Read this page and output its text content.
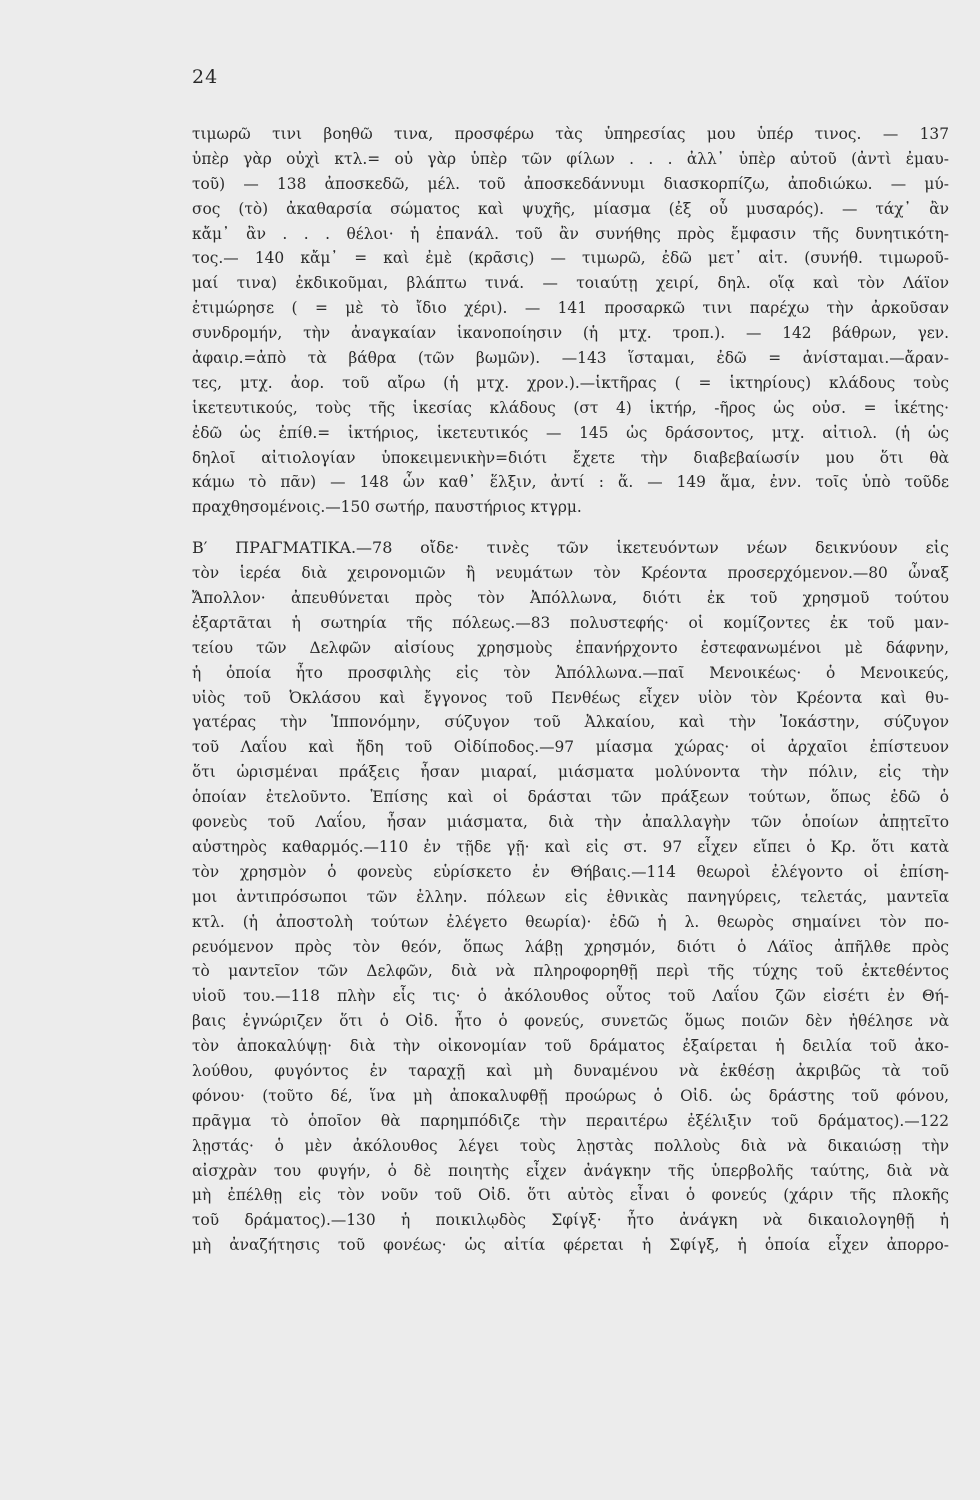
24
τιμωρῶ τινι βοηθῶ τινα, προσφέρω τὰς ὑπηρεσίας μου ὑπέρ τινος. — 137
ὑπὲρ γὰρ οὐχὶ κτλ.= οὐ γὰρ ὑπὲρ τῶν φίλων . . . ἀλλ᾿ ὑπὲρ αὐτοῦ (ἀντὶ ἐμαυ-
τοῦ) — 138 ἀποσκεδῶ, μέλ. τοῦ ἀποσκεδάννυμι διασκορπίζω, ἀποδιώκω. — μύ-
σος (τὸ) ἀκαθαρσία σώματος καὶ ψυχῆς, μίασμα (ἐξ οὗ μυσαρός). — τάχ᾿ ἂν
κἄμ᾿ ἂν . . . θέλοι· ἡ ἐπανάλ. τοῦ ἂν συνήθης πρὸς ἔμφασιν τῆς δυνητικότη-
τος.— 140 κἄμ᾿ = καὶ ἐμὲ (κρᾶσις) — τιμωρῶ, ἐδῶ μετ᾿ αἰτ. (συνήθ. τιμωροῦ-
μαί τινα) ἐκδικοῦμαι, βλάπτω τινά. — τοιαύτῃ χειρί, δηλ. οἵᾳ καὶ τὸν Λάϊον
ἐτιμώρησε ( = μὲ τὸ ἴδιο χέρι). — 141 προσαρκῶ τινι παρέχω τὴν ἀρκοῦσαν
συνδρομήν, τὴν ἀναγκαίαν ἱκανοποίησιν (ἡ μτχ. τροπ.). — 142 βάθρων, γεν.
ἀφαιρ.=ἀπὸ τὰ βάθρα (τῶν βωμῶν). —143 ἵσταμαι, ἐδῶ = ἀνίσταμαι.—ἄραν-
τες, μτχ. ἀορ. τοῦ αἴρω (ἡ μτχ. χρον.).—ἱκτῆρας ( = ἱκτηρίους) κλάδους τοὺς
ἱκετευτικούς, τοὺς τῆς ἱκεσίας κλάδους (στ 4) ἱκτήρ, -ῆρος ὡς οὐσ. = ἱκέτης·
ἐδῶ ὡς ἐπίθ.= ἱκτήριος, ἱκετευτικός — 145 ὡς δράσοντος, μτχ. αἰτιολ. (ἡ ὡς
δηλοῖ αἰτιολογίαν ὑποκειμενικὴν=διότι ἔχετε τὴν διαβεβαίωσίν μου ὅτι θὰ
κάμω τὸ πᾶν) — 148 ὧν καθ᾿ ἕλξιν, ἀντί : ἅ. — 149 ἅμα, ἐνν. τοῖς ὑπὸ τοῦδε
πραχθησομένοις.—150 σωτήρ, παυστήριος κτγρμ.
Β′ ΠΡΑΓΜΑΤΙΚΑ.—78 οἴδε· τινὲς τῶν ἱκετευόντων νέων δεικνύουν εἰς
τὸν ἱερέα διὰ χειρονομιῶν ἢ νευμάτων τὸν Κρέοντα προσερχόμενον.—80 ὦναξ
Ἄπολλον· ἀπευθύνεται πρὸς τὸν Ἀπόλλωνα, διότι ἐκ τοῦ χρησμοῦ τούτου
ἐξαρτᾶται ἡ σωτηρία τῆς πόλεως.—83 πολυστεφής· οἱ κομίζοντες ἐκ τοῦ μαν-
τείου τῶν Δελφῶν αἰσίους χρησμοὺς ἐπανήρχοντο ἐστεφανωμένοι μὲ δάφνην,
ἡ ὁποία ἦτο προσφιλὴς εἰς τὸν Ἀπόλλωνα.—παῖ Μενοικέως· ὁ Μενοικεύς,
υἱὸς τοῦ Ὀκλάσου καὶ ἔγγονος τοῦ Πενθέως εἶχεν υἱὸν τὸν Κρέοντα καὶ θυ-
γατέρας τὴν Ἱππονόμην, σύζυγον τοῦ Ἀλκαίου, καὶ τὴν Ἰοκάστην, σύζυγον
τοῦ Λαΐου καὶ ἤδη τοῦ Οἰδίποδος.—97 μίασμα χώρας· οἱ ἀρχαῖοι ἐπίστευον
ὅτι ὡρισμέναι πράξεις ἦσαν μιαραί, μιάσματα μολύνοντα τὴν πόλιν, εἰς τὴν
ὁποίαν ἐτελοῦντο. Ἐπίσης καὶ οἱ δράσται τῶν πράξεων τούτων, ὅπως ἐδῶ ὁ
φονεὺς τοῦ Λαΐου, ἦσαν μιάσματα, διὰ τὴν ἀπαλλαγὴν τῶν ὁποίων ἀπῃτεῖτο
αὐστηρὸς καθαρμός.—110 ἐν τῇδε γῇ· καὶ εἰς στ. 97 εἶχεν εἴπει ὁ Κρ. ὅτι κατὰ
τὸν χρησμὸν ὁ φονεὺς εὑρίσκετο ἐν Θήβαις.—114 θεωροὶ ἐλέγοντο οἱ ἐπίση-
μοι ἀντιπρόσωποι τῶν ἑλλην. πόλεων εἰς ἐθνικὰς πανηγύρεις, τελετάς, μαντεῖα
κτλ. (ἡ ἀποστολὴ τούτων ἐλέγετο θεωρία)· ἐδῶ ἡ λ. θεωρὸς σημαίνει τὸν πο-
ρευόμενον πρὸς τὸν θεόν, ὅπως λάβῃ χρησμόν, διότι ὁ Λάϊος ἀπῆλθε πρὸς
τὸ μαντεῖον τῶν Δελφῶν, διὰ νὰ πληροφορηθῇ περὶ τῆς τύχης τοῦ ἐκτεθέντος
υἱοῦ του.—118 πλὴν εἷς τις· ὁ ἀκόλουθος οὗτος τοῦ Λαΐου ζῶν εἰσέτι ἐν Θή-
βαις ἐγνώριζεν ὅτι ὁ Οἰδ. ἦτο ὁ φονεύς, συνετῶς ὅμως ποιῶν δὲν ἠθέλησε νὰ
τὸν ἀποκαλύψῃ· διὰ τὴν οἰκονομίαν τοῦ δράματος ἐξαίρεται ἡ δειλία τοῦ ἀκο-
λούθου, φυγόντος ἐν ταραχῇ καὶ μὴ δυναμένου νὰ ἐκθέσῃ ἀκριβῶς τὰ τοῦ
φόνου· (τοῦτο δέ, ἵνα μὴ ἀποκαλυφθῇ προώρως ὁ Οἰδ. ὡς δράστης τοῦ φόνου,
πρᾶγμα τὸ ὁποῖον θὰ παρημπόδιζε τὴν περαιτέρω ἐξέλιξιν τοῦ δράματος).—122
λῃστάς· ὁ μὲν ἀκόλουθος λέγει τοὺς λῃστὰς πολλοὺς διὰ νὰ δικαιώσῃ τὴν
αἰσχρὰν του φυγήν, ὁ δὲ ποιητὴς εἶχεν ἀνάγκην τῆς ὑπερβολῆς ταύτης, διὰ νὰ
μὴ ἐπέλθῃ εἰς τὸν νοῦν τοῦ Οἰδ. ὅτι αὐτὸς εἶναι ὁ φονεύς (χάριν τῆς πλοκῆς
τοῦ δράματος).—130 ἡ ποικιλῳδὸς Σφίγξ· ἦτο ἀνάγκη νὰ δικαιολογηθῇ ἡ
μὴ ἀναζήτησις τοῦ φονέως· ὡς αἰτία φέρεται ἡ Σφίγξ, ἡ ὁποία εἶχεν ἀπορρο-
